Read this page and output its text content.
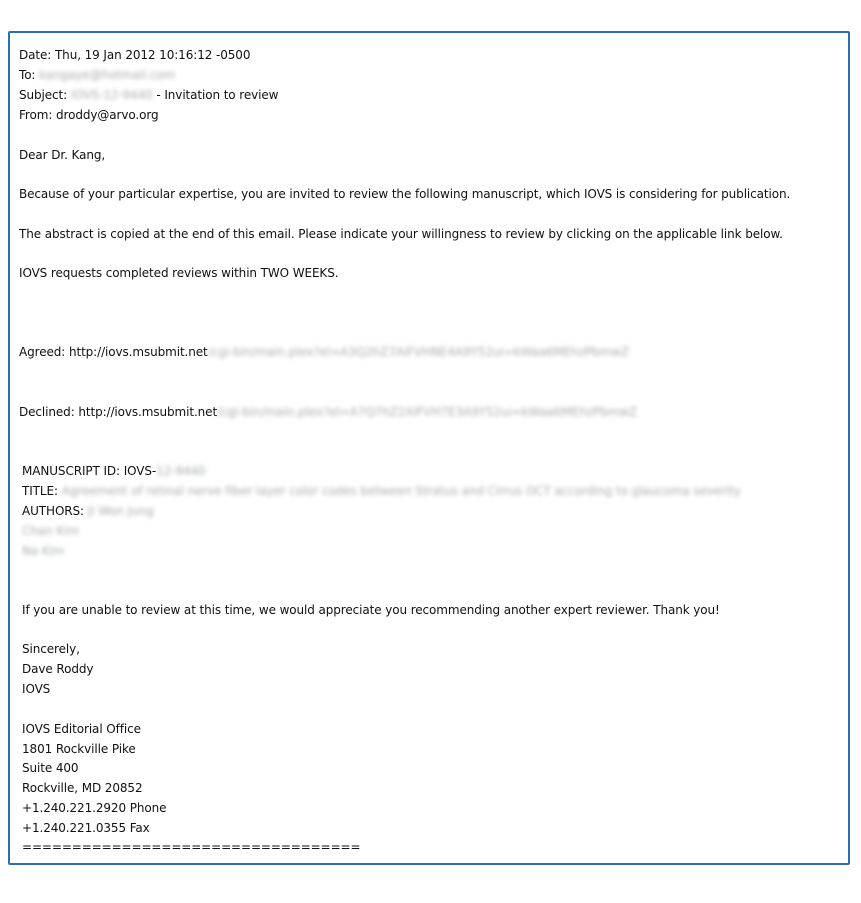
Date: Thu, 19 Jan 2012 10:16:12 -0500
To: kangaye@hotmail.com
Subject: IOVS-12-9440 - Invitation to review
From: droddy@arvo.org
Dear Dr. Kang,
Because of your particular expertise, you are invited to review the following manuscript, which IOVS is considering for publication.
The abstract is copied at the end of this email. Please indicate your willingness to review by clicking on the applicable link below.
IOVS requests completed reviews within TWO WEEKS.
Agreed: http://iovs.msubmit.net/cgi-bin/main.plex?el=A3Q2hZ7AiFVHNE4A9Y52ui=kWaa6MEhzPbmwZ
Declined: http://iovs.msubmit.net/cgi-bin/main.plex?el=A7Q7hZ2AlFVH7E3A9Y52ui=kWaa6MEhzPbmwZ
MANUSCRIPT ID: IOVS-12-9440
TITLE: Agreement of retinal nerve fiber layer color codes between Stratus and Cirrus OCT according to glaucoma severity
AUTHORS: Ji Won Jung
Chan Kim
Na Kim
If you are unable to review at this time, we would appreciate you recommending another expert reviewer. Thank you!
Sincerely,
Dave Roddy
IOVS
IOVS Editorial Office
1801 Rockville Pike
Suite 400
Rockville, MD 20852
+1.240.221.2920 Phone
+1.240.221.0355 Fax
==================================
